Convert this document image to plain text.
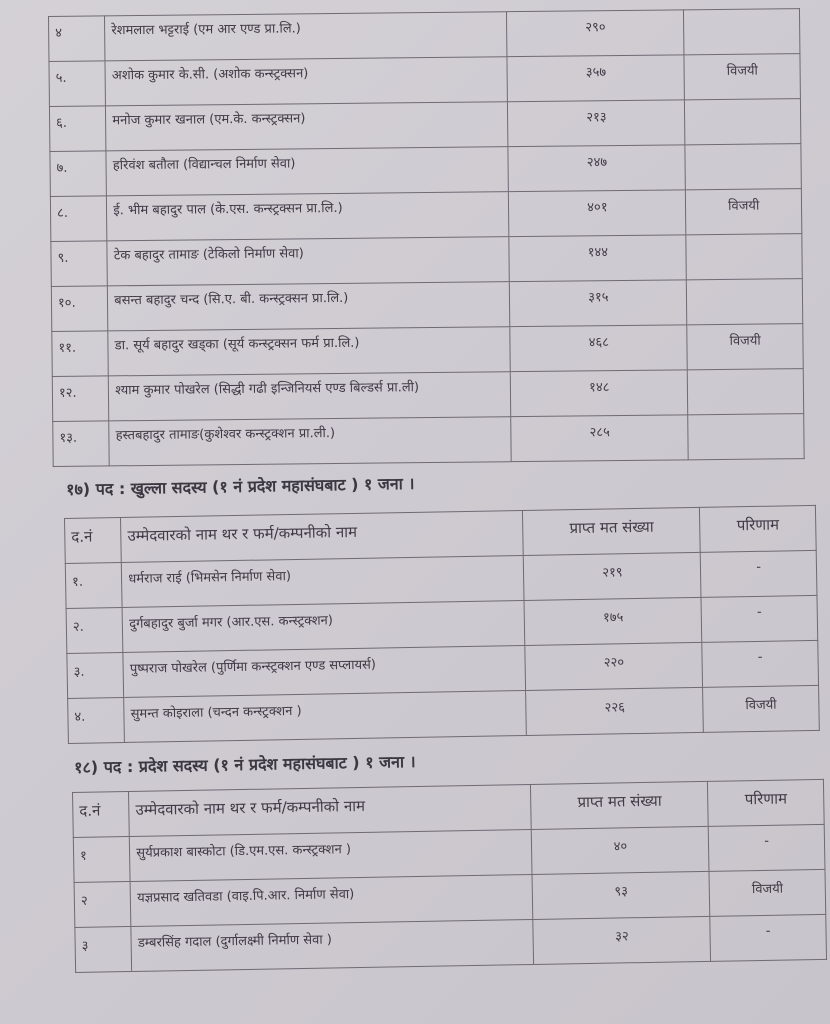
४	रेशमलाल भट्टराई (एम आर एण्ड प्रा.लि.)	२९०	
५.	अशोक कुमार के.सी. (अशोक कन्स्ट्रक्सन)	३५७	विजयी
६.	मनोज कुमार खनाल (एम.के. कन्स्ट्रक्सन)	२१३	
७.	हरिवंश बतौला (विद्यान्चल निर्माण सेवा)	२४७	
८.	ई. भीम बहादुर पाल (के.एस. कन्स्ट्रक्सन प्रा.लि.)	४०१	विजयी
९.	टेक बहादुर तामाङ (टेकिलो निर्माण सेवा)	१४४	
१०.	बसन्त बहादुर चन्द (सि.ए. बी. कन्स्ट्रक्सन प्रा.लि.)	३१५	
११.	डा. सूर्य बहादुर खड्का (सूर्य कन्स्ट्रक्सन फर्म प्रा.लि.)	४६८	विजयी
१२.	श्याम कुमार पोखरेल (सिद्धी गढी इन्जिनियर्स एण्ड बिल्डर्स प्रा.ली)	१४८	
१३.	हस्तबहादुर तामाङ(कुशेश्वर कन्स्ट्रक्शन प्रा.ली.)	२८५	
१७) पद : खुल्ला सदस्य (१ नं प्रदेश महासंघबाट ) १ जना ।
द.नं	उम्मेदवारको नाम थर र फर्म/कम्पनीको नाम	प्राप्त मत संख्या	परिणाम
१.	धर्मराज राई (भिमसेन निर्माण सेवा)	२१९	-
२.	दुर्गबहादुर बुर्जा मगर (आर.एस. कन्स्ट्रक्शन)	१७५	-
३.	पुष्पराज पोखरेल (पुर्णिमा कन्स्ट्रक्शन एण्ड सप्लायर्स)	२२०	-
४.	सुमन्त कोइराला (चन्दन कन्स्ट्रक्शन )	२२६	विजयी
१८) पद : प्रदेश सदस्य (१ नं प्रदेश महासंघबाट ) १ जना ।
द.नं	उम्मेदवारको नाम थर र फर्म/कम्पनीको नाम	प्राप्त मत संख्या	परिणाम
१	सुर्यप्रकाश बास्कोटा (डि.एम.एस. कन्स्ट्रक्शन )	४०	-
२	यज्ञप्रसाद खतिवडा (वाइ.पि.आर. निर्माण सेवा)	९३	विजयी
३	डम्बरसिंह गदाल (दुर्गालक्ष्मी निर्माण सेवा )	३२	-
